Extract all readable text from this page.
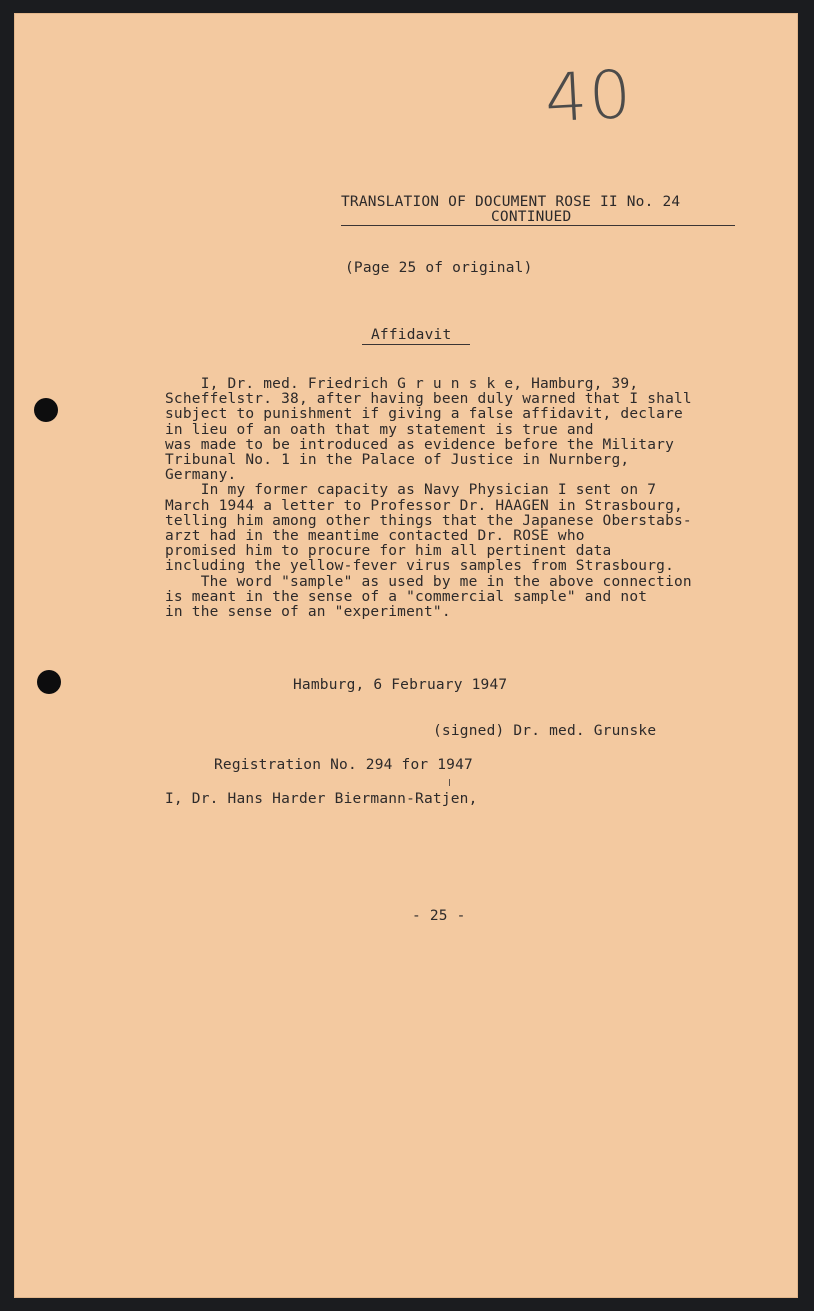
40
TRANSLATION OF DOCUMENT ROSE II No. 24
CONTINUED
(Page 25 of original)
Affidavit
I, Dr. med. Friedrich G r u n s k e, Hamburg, 39,
Scheffelstr. 38, after having been duly warned that I shall
subject to punishment if giving a false affidavit, declare
in lieu of an oath that my statement is true and
was made to be introduced as evidence before the Military
Tribunal No. 1 in the Palace of Justice in Nurnberg,
Germany.
In my former capacity as Navy Physician I sent on 7
March 1944 a letter to Professor Dr. HAAGEN in Strasbourg,
telling him among other things that the Japanese Oberstabs-
arzt had in the meantime contacted Dr. ROSE who
promised him to procure for him all pertinent data
including the yellow-fever virus samples from Strasbourg.
The word "sample" as used by me in the above connection
is meant in the sense of a "commercial sample" and not
in the sense of an "experiment".
Hamburg, 6 February 1947
(signed) Dr. med. Grunske
Registration No. 294 for 1947
I, Dr. Hans Harder Biermann-Ratjen,
- 25 -
